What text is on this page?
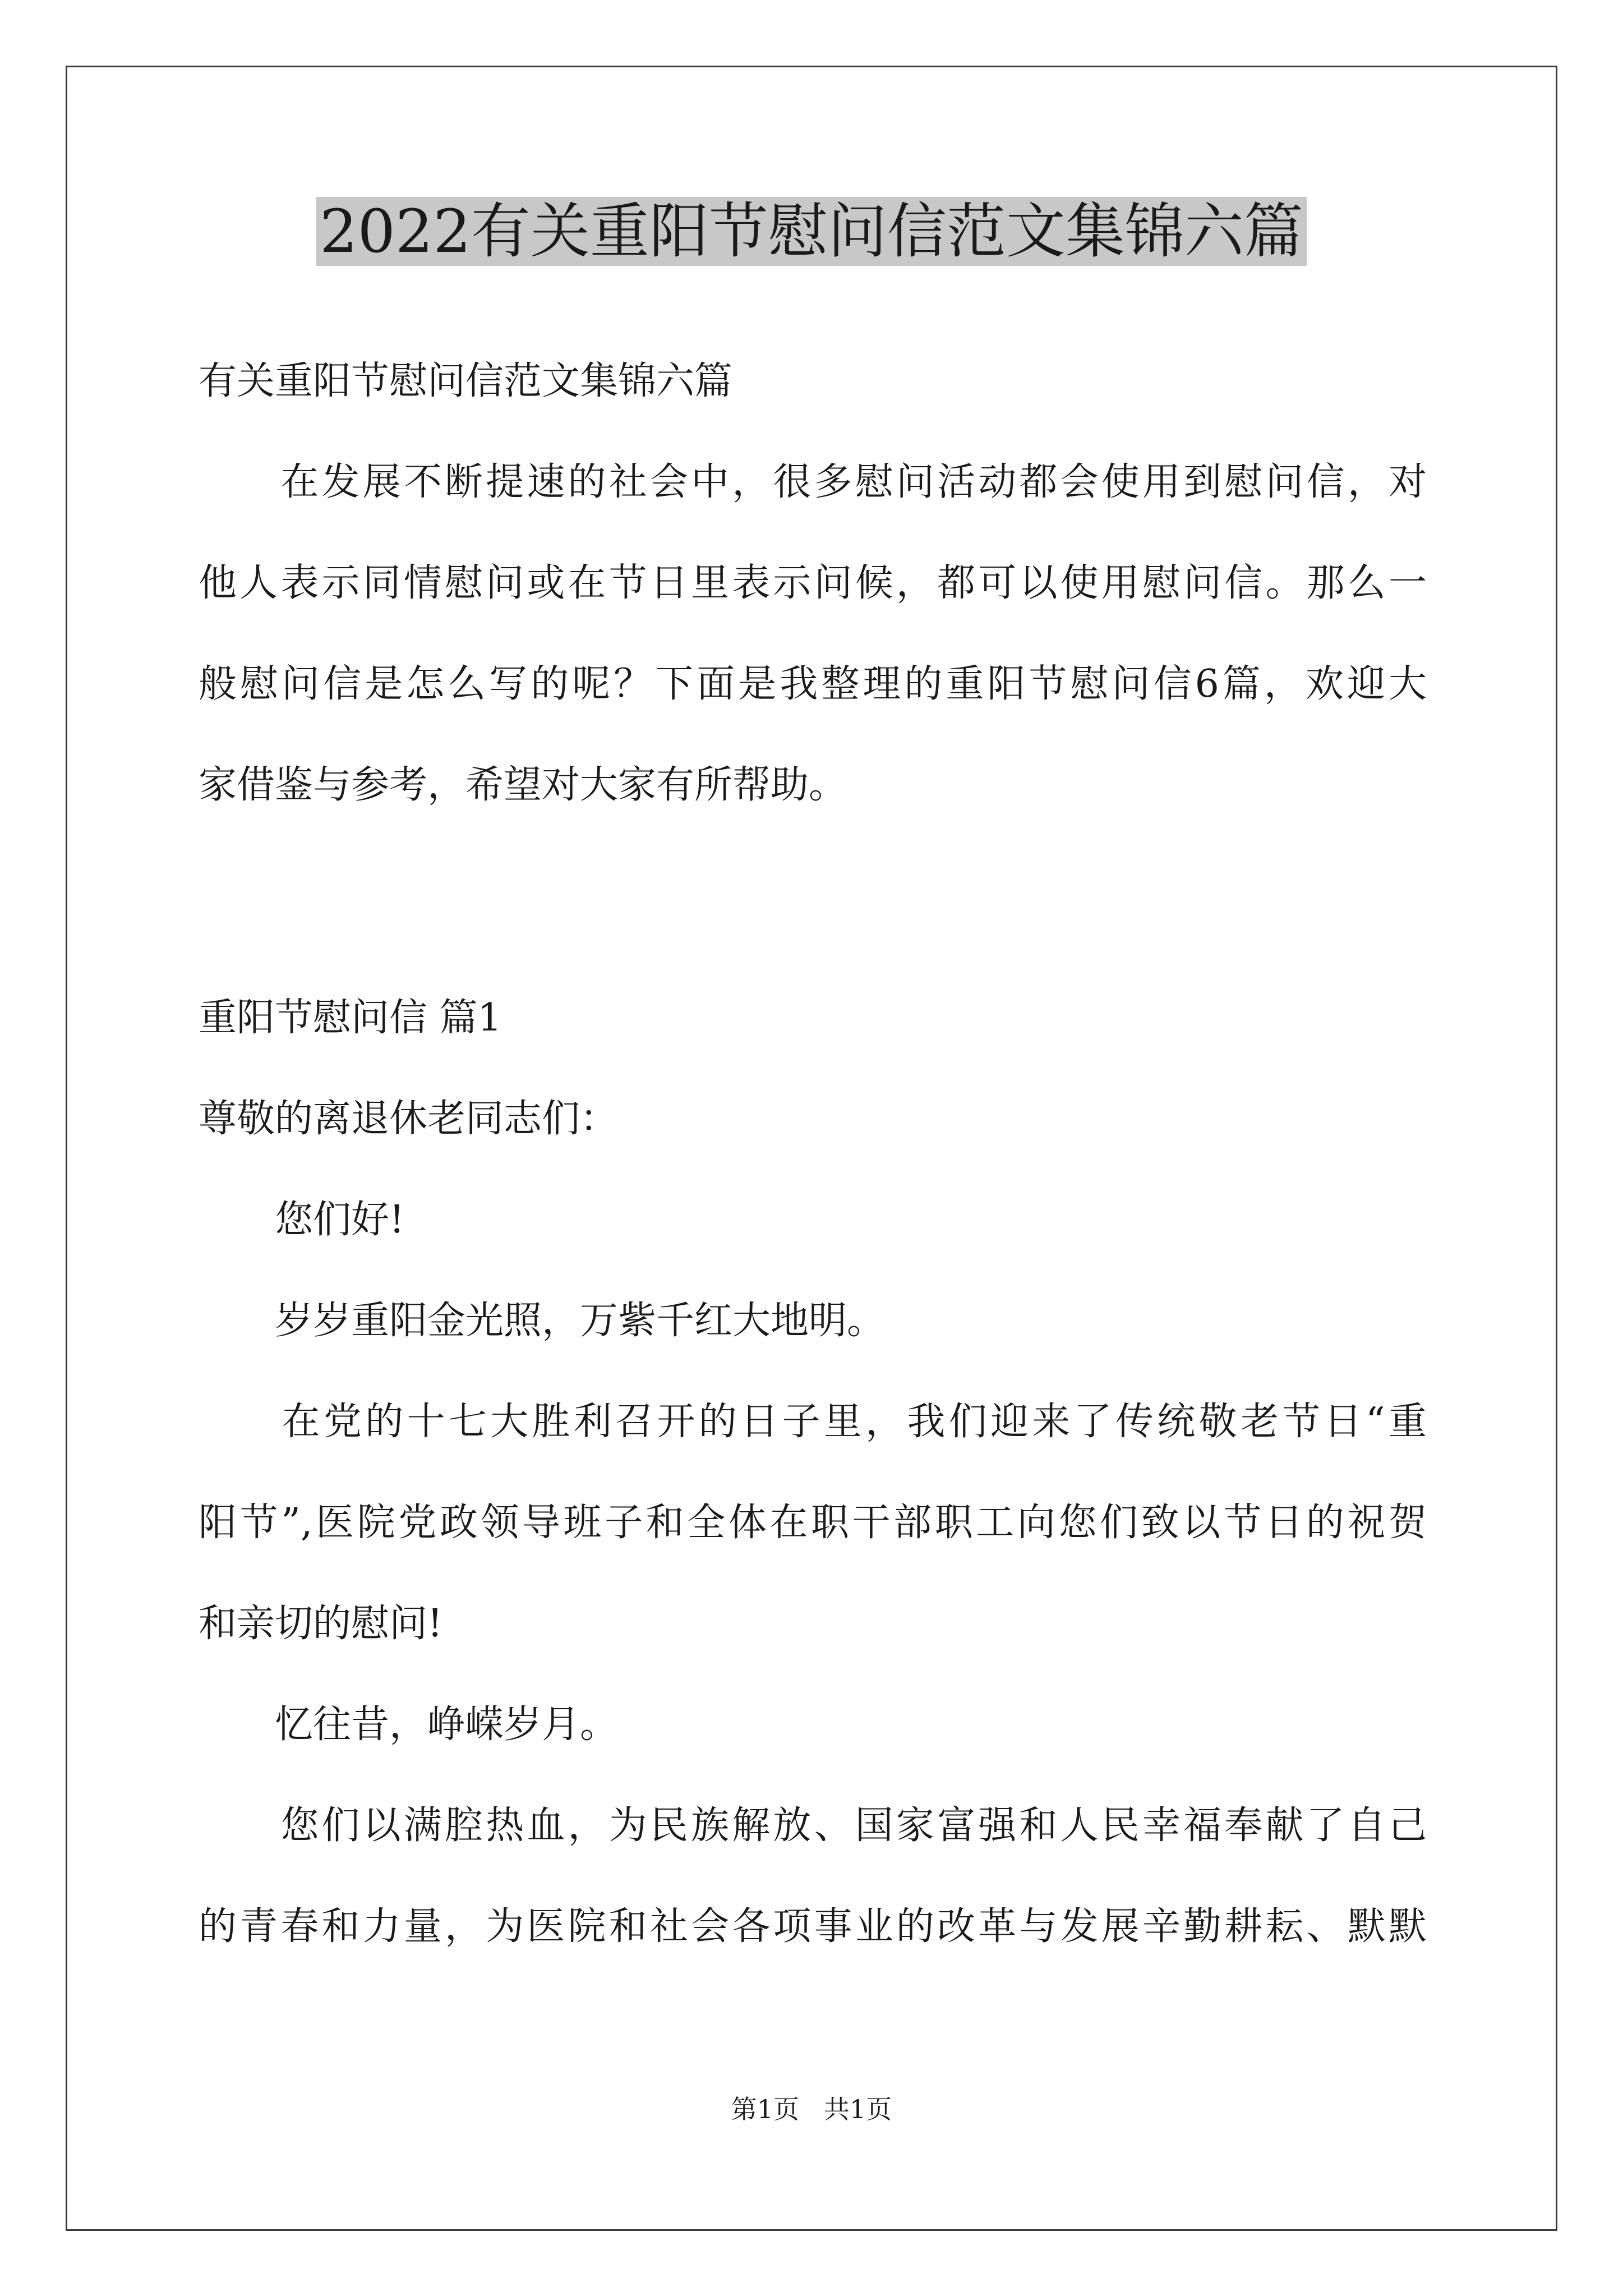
2022有关重阳节慰问信范文集锦六篇
有关重阳节慰问信范文集锦六篇
　　在发展不断提速的社会中，很多慰问活动都会使用到慰问信，对
他人表示同情慰问或在节日里表示问候，都可以使用慰问信。那么一
般慰问信是怎么写的呢？下面是我整理的重阳节慰问信6篇，欢迎大
家借鉴与参考，希望对大家有所帮助。
重阳节慰问信 篇1
尊敬的离退休老同志们：
　　您们好!
　　岁岁重阳金光照，万紫千红大地明。
　　在党的十七大胜利召开的日子里，我们迎来了传统敬老节日“重
阳节”,医院党政领导班子和全体在职干部职工向您们致以节日的祝贺
和亲切的慰问!
　　忆往昔，峥嵘岁月。
　　您们以满腔热血，为民族解放、国家富强和人民幸福奉献了自己
的青春和力量，为医院和社会各项事业的改革与发展辛勤耕耘、默默
第1页   共1页
